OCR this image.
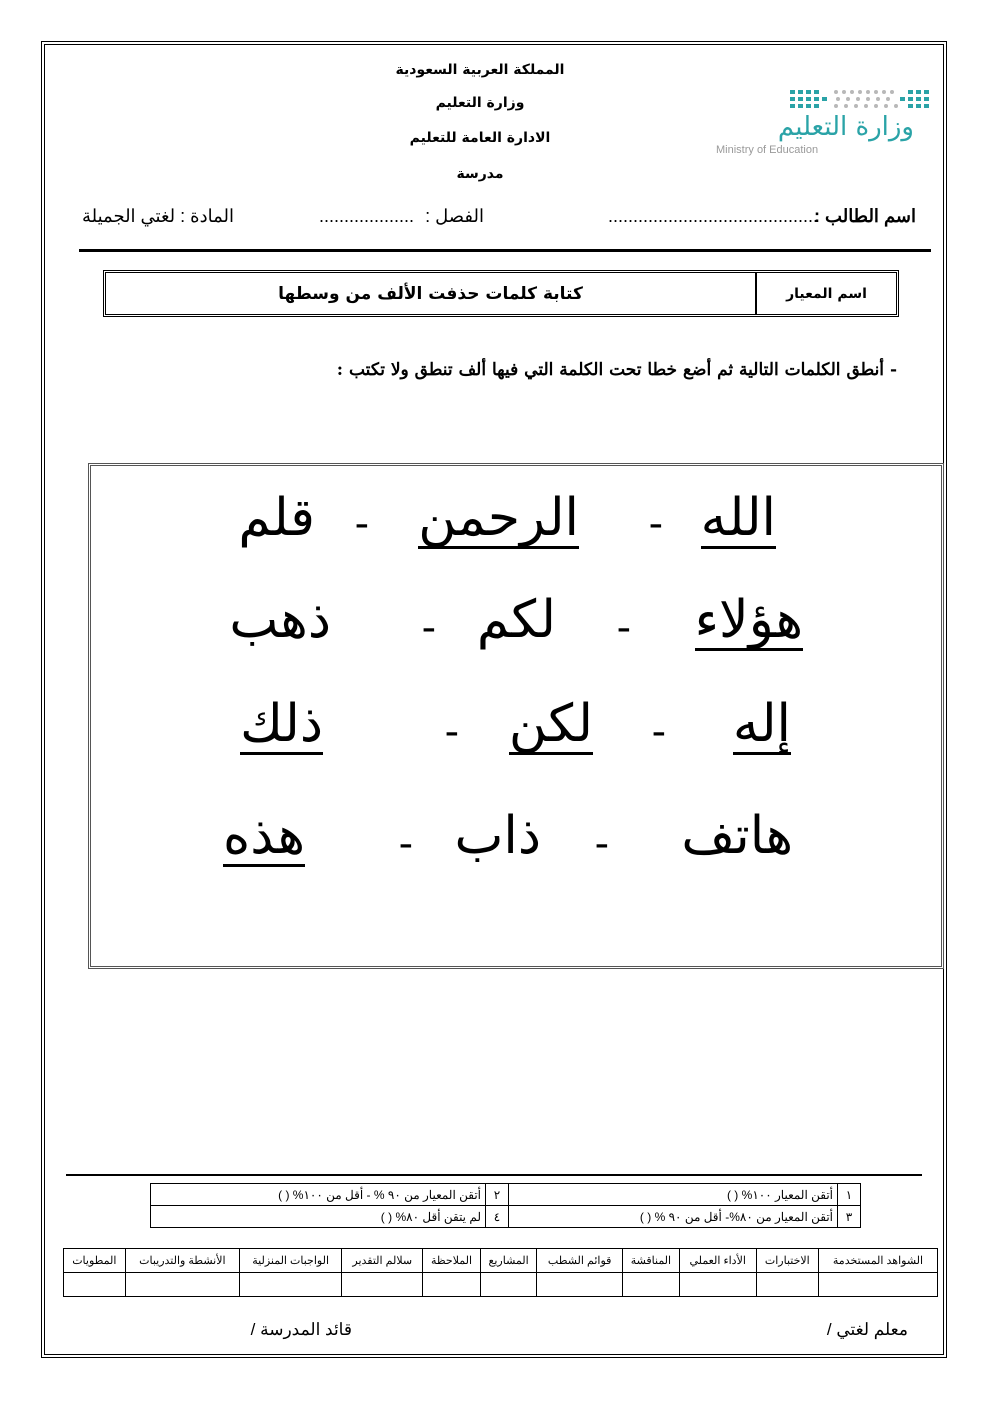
المملكة العربية السعودية
وزارة التعليم
الادارة العامة للتعليم
مدرسة
وزارة التعليم
Ministry of Education
اسم الطالب :
..........................................
الفصل :
...................
المادة : لغتي الجميلة
اسم المعيار
كتابة كلمات حذفت الألف من وسطها
- أنطق الكلمات التالية ثم أضع خطا تحت الكلمة التي فيها ألف تنطق ولا تكتب :
الله
-
الرحمن
-
قلم
هؤلاء
-
لكم
-
ذهب
إله
-
لكن
-
ذلك
هاتف
-
ذاب
-
هذه
١	أتقن المعيار ١٠٠% ( )	٢	أتقن المعيار من ٩٠ % - أقل من ١٠٠% ( )
٣	أتقن المعيار من ٨٠%- أقل من ٩٠ % ( )	٤	لم يتقن أقل ٨٠% ( )
الشواهد المستخدمة	الاختبارات	الأداء العملي	المناقشة	قوائم الشطب	المشاريع	الملاحظة	سلالم التقدير	الواجبات المنزلية	الأنشطة والتدريبات	المطويات

معلم لغتي /
قائد المدرسة /
